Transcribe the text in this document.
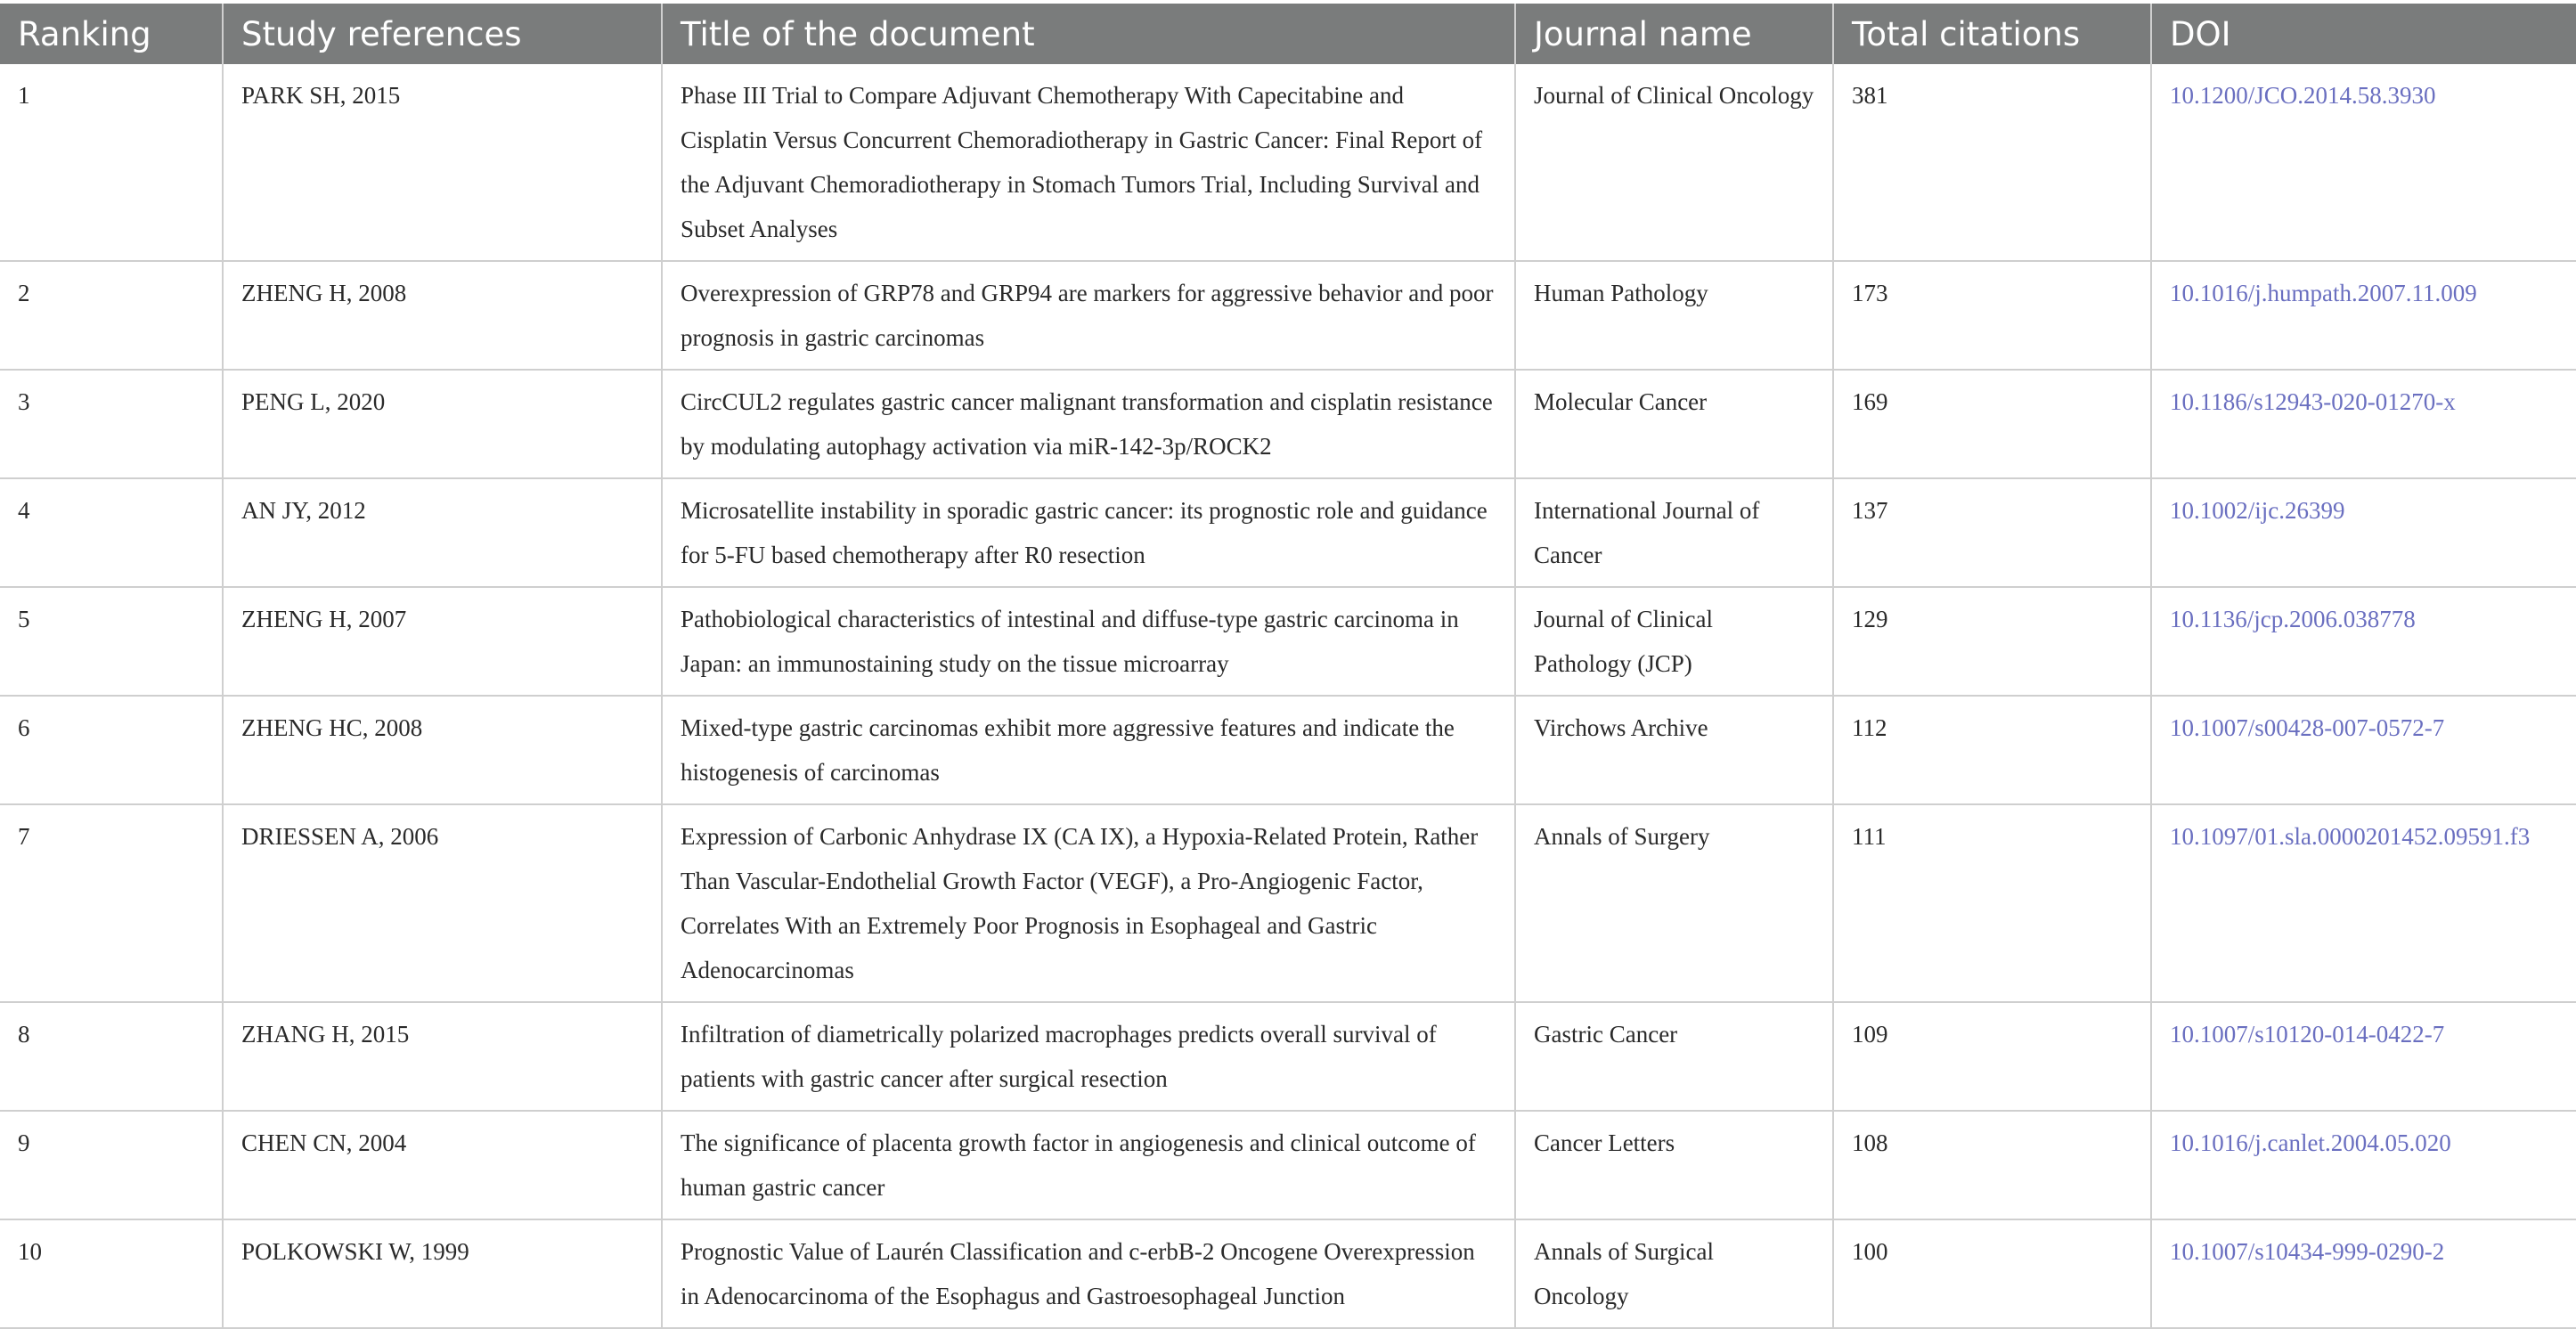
Ranking	Study references	Title of the document	Journal name	Total citations	DOI
1	PARK SH, 2015	Phase III Trial to Compare Adjuvant Chemotherapy With Capecitabine and Cisplatin Versus Concurrent Chemoradiotherapy in Gastric Cancer: Final Report of the Adjuvant Chemoradiotherapy in Stomach Tumors Trial, Including Survival and Subset Analyses	Journal of Clinical Oncology	381	10.1200/JCO.2014.58.3930
2	ZHENG H, 2008	Overexpression of GRP78 and GRP94 are markers for aggressive behavior and poor prognosis in gastric carcinomas	Human Pathology	173	10.1016/j.humpath.2007.11.009
3	PENG L, 2020	CircCUL2 regulates gastric cancer malignant transformation and cisplatin resistance by modulating autophagy activation via miR-142-3p/ROCK2	Molecular Cancer	169	10.1186/s12943-020-01270-x
4	AN JY, 2012	Microsatellite instability in sporadic gastric cancer: its prognostic role and guidance for 5-FU based chemotherapy after R0 resection	International Journal of Cancer	137	10.1002/ijc.26399
5	ZHENG H, 2007	Pathobiological characteristics of intestinal and diffuse-type gastric carcinoma in Japan: an immunostaining study on the tissue microarray	Journal of Clinical Pathology (JCP)	129	10.1136/jcp.2006.038778
6	ZHENG HC, 2008	Mixed-type gastric carcinomas exhibit more aggressive features and indicate the histogenesis of carcinomas	Virchows Archive	112	10.1007/s00428-007-0572-7
7	DRIESSEN A, 2006	Expression of Carbonic Anhydrase IX (CA IX), a Hypoxia-Related Protein, Rather Than Vascular-Endothelial Growth Factor (VEGF), a Pro-Angiogenic Factor, Correlates With an Extremely Poor Prognosis in Esophageal and Gastric Adenocarcinomas	Annals of Surgery	111	10.1097/01.sla.0000201452.09591.f3
8	ZHANG H, 2015	Infiltration of diametrically polarized macrophages predicts overall survival of patients with gastric cancer after surgical resection	Gastric Cancer	109	10.1007/s10120-014-0422-7
9	CHEN CN, 2004	The significance of placenta growth factor in angiogenesis and clinical outcome of human gastric cancer	Cancer Letters	108	10.1016/j.canlet.2004.05.020
10	POLKOWSKI W, 1999	Prognostic Value of Laurén Classification and c-erbB-2 Oncogene Overexpression in Adenocarcinoma of the Esophagus and Gastroesophageal Junction	Annals of Surgical Oncology	100	10.1007/s10434-999-0290-2
